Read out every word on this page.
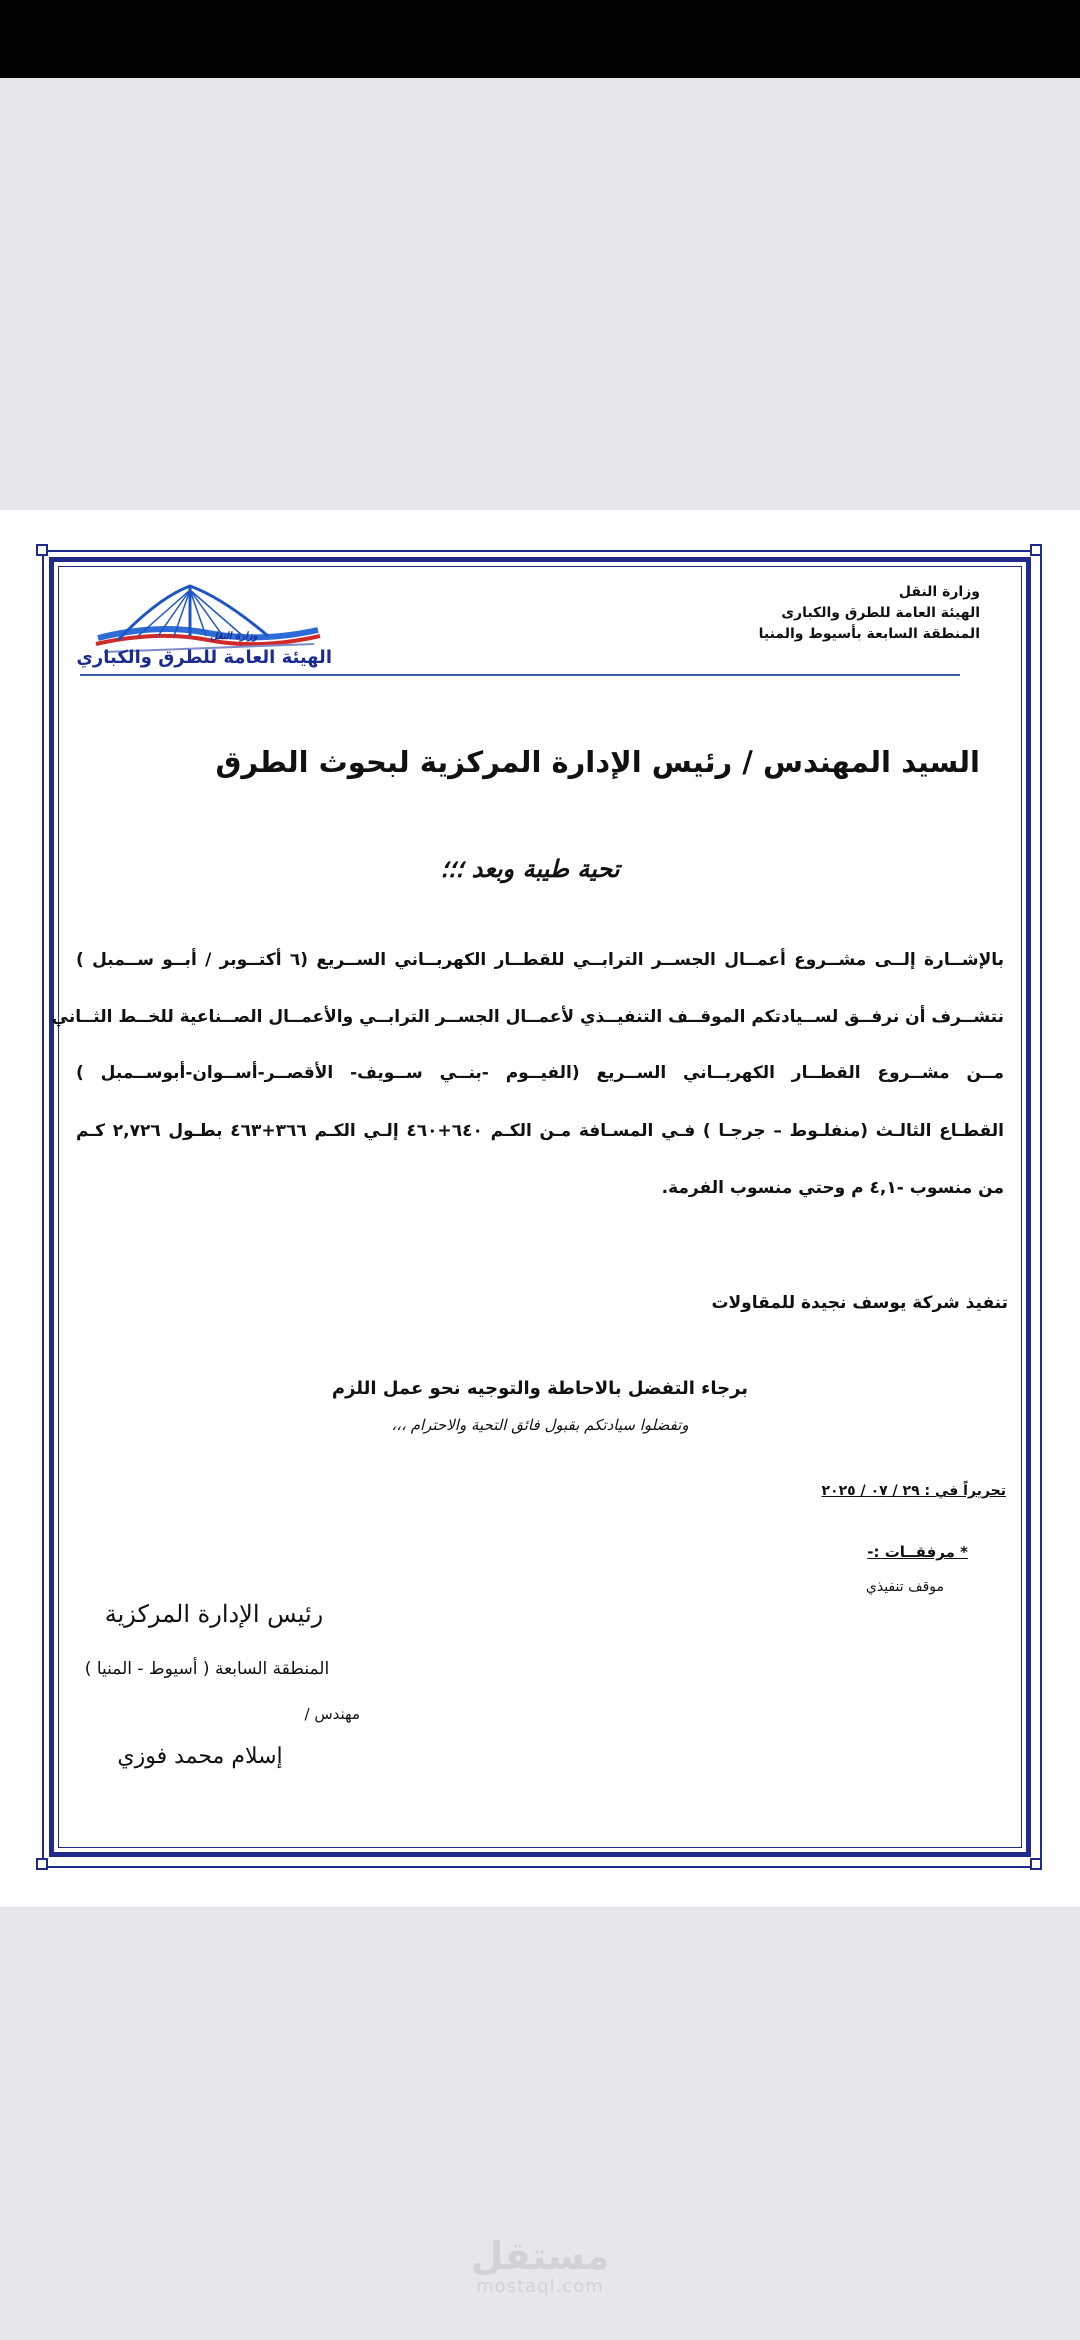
وزارة النقل
الهيئة العامة للطرق والكباري
وزارة النقل
الهيئة العامة للطرق والكبارى
المنطقة السابعة بأسيوط والمنيا
السيد المهندس / رئيس الإدارة المركزية لبحوث الطرق
تحية طيبة وبعد ؛؛؛
بالإشــارة إلــى مشــروع أعمــال الجســر الترابــي للقطــار الكهربــاني الســريع (٦ أكتــوبر / أبــو ســمبل )
نتشــرف أن نرفــق لســيادتكم الموقــف التنفيــذي لأعمــال الجســر الترابــي والأعمــال الصــناعية للخــط الثــاني
مــن مشــروع القطــار الكهربــاني الســريع (الفيــوم -بنــي ســويف- الأقصــر-أســوان-أبوســمبل )
القطـاع الثالـث (منفلـوط – جرجـا ) فـي المسـافة مـن الكـم ٦٤٠+٤٦٠ إلـي الكـم ٣٦٦+٤٦٣ بطـول ٢,٧٢٦ كـم
من منسوب -٤,١ م وحتي منسوب الفرمة.
تنفيذ شركة يوسف نجيدة للمقاولات
برجاء التفضل بالاحاطة والتوجيه نحو عمل اللزم
وتفضلوا سيادتكم بقبول فائق التحية والاحترام ،،،
تحريراً في : ٢٩ / ٠٧ / ٢٠٢٥
* مرفقــات :-
موقف تنفيذي
رئيس الإدارة المركزية
المنطقة السابعة ( أسيوط - المنيا )
مهندس /
إسلام محمد فوزي
مستقل
mostaql.com
